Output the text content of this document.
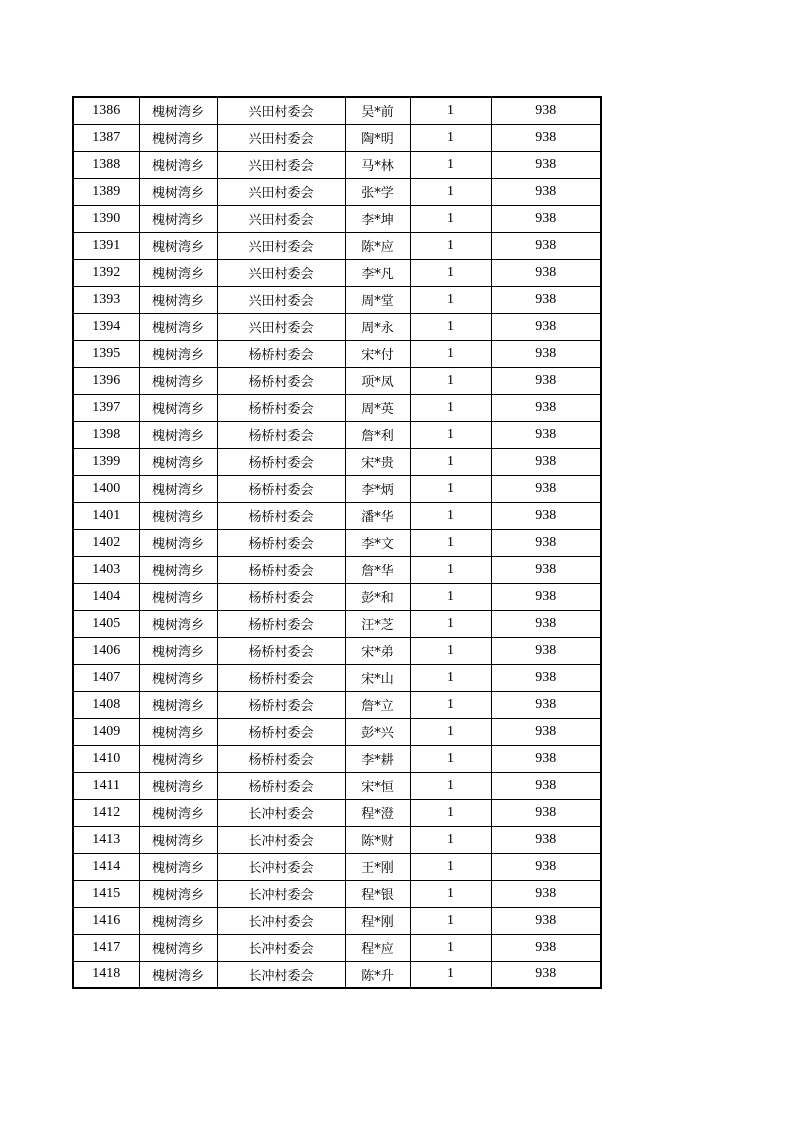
1386	槐树湾乡	兴田村委会	吴*前	1	938
1387	槐树湾乡	兴田村委会	陶*明	1	938
1388	槐树湾乡	兴田村委会	马*林	1	938
1389	槐树湾乡	兴田村委会	张*学	1	938
1390	槐树湾乡	兴田村委会	李*坤	1	938
1391	槐树湾乡	兴田村委会	陈*应	1	938
1392	槐树湾乡	兴田村委会	李*凡	1	938
1393	槐树湾乡	兴田村委会	周*堂	1	938
1394	槐树湾乡	兴田村委会	周*永	1	938
1395	槐树湾乡	杨桥村委会	宋*付	1	938
1396	槐树湾乡	杨桥村委会	项*凤	1	938
1397	槐树湾乡	杨桥村委会	周*英	1	938
1398	槐树湾乡	杨桥村委会	詹*利	1	938
1399	槐树湾乡	杨桥村委会	宋*贵	1	938
1400	槐树湾乡	杨桥村委会	李*炳	1	938
1401	槐树湾乡	杨桥村委会	潘*华	1	938
1402	槐树湾乡	杨桥村委会	李*文	1	938
1403	槐树湾乡	杨桥村委会	詹*华	1	938
1404	槐树湾乡	杨桥村委会	彭*和	1	938
1405	槐树湾乡	杨桥村委会	汪*芝	1	938
1406	槐树湾乡	杨桥村委会	宋*弟	1	938
1407	槐树湾乡	杨桥村委会	宋*山	1	938
1408	槐树湾乡	杨桥村委会	詹*立	1	938
1409	槐树湾乡	杨桥村委会	彭*兴	1	938
1410	槐树湾乡	杨桥村委会	李*耕	1	938
1411	槐树湾乡	杨桥村委会	宋*恒	1	938
1412	槐树湾乡	长冲村委会	程*澄	1	938
1413	槐树湾乡	长冲村委会	陈*财	1	938
1414	槐树湾乡	长冲村委会	王*刚	1	938
1415	槐树湾乡	长冲村委会	程*银	1	938
1416	槐树湾乡	长冲村委会	程*刚	1	938
1417	槐树湾乡	长冲村委会	程*应	1	938
1418	槐树湾乡	长冲村委会	陈*升	1	938
